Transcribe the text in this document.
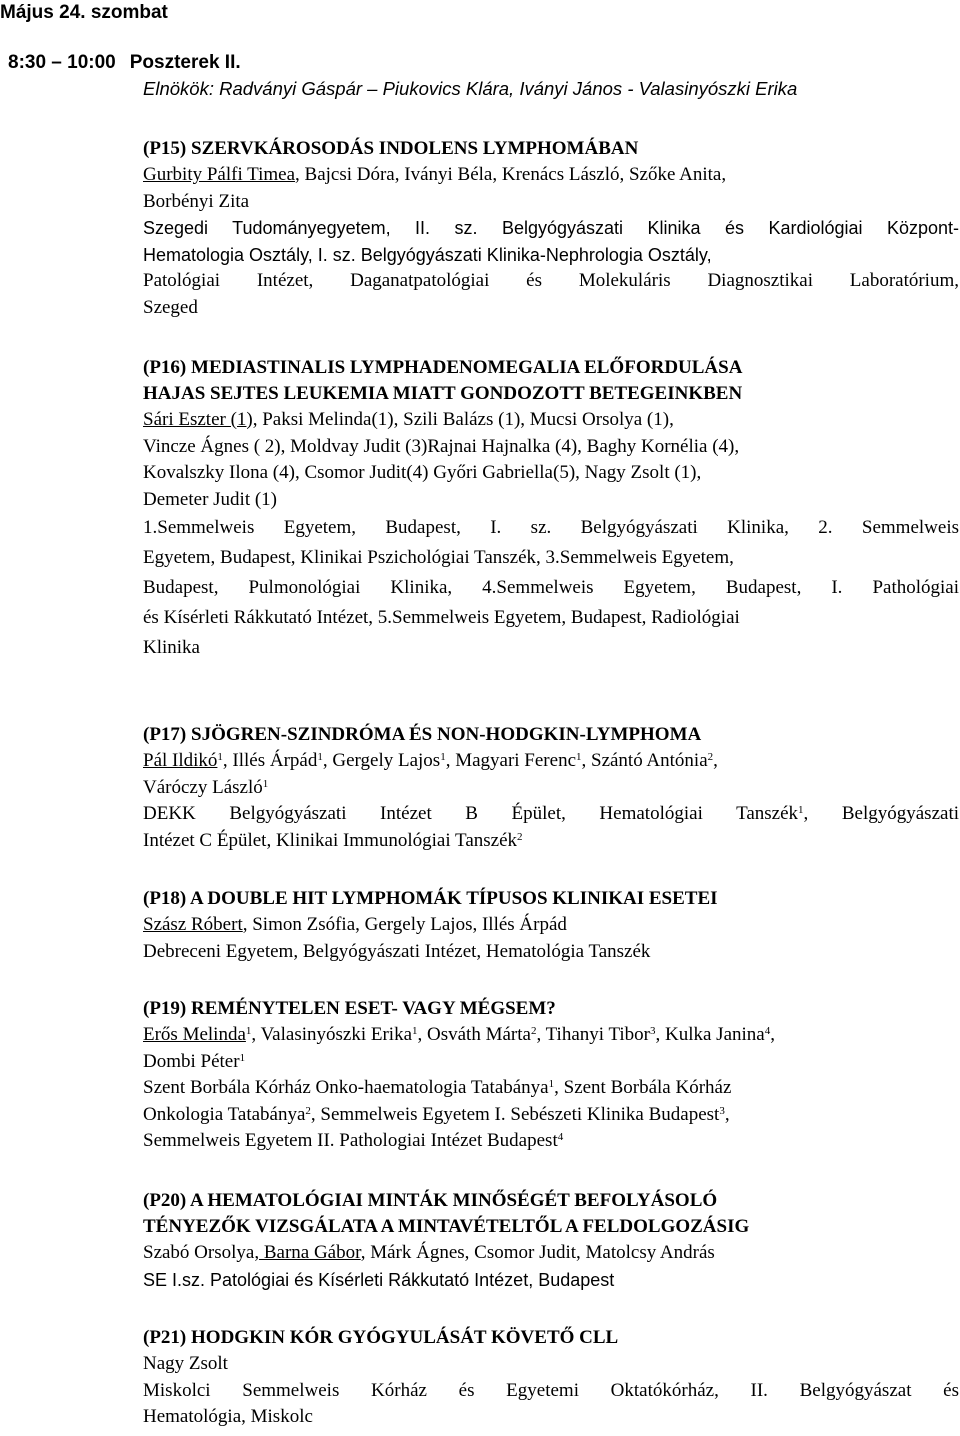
Május 24. szombat
8:30 – 10:00 Poszterek II.
Elnökök: Radványi Gáspár – Piukovics Klára, Iványi János - Valasinyószki Erika
(P15) SZERVKÁROSODÁS INDOLENS LYMPHOMÁBAN
Gurbity Pálfi Timea, Bajcsi Dóra, Iványi Béla, Krenács László, Szőke Anita,
Borbényi Zita
Szegedi Tudományegyetem, II. sz. Belgyógyászati Klinika és Kardiológiai Központ-
Hematologia Osztály, I. sz. Belgyógyászati Klinika-Nephrologia Osztály,
Patológiai Intézet, Daganatpatológiai és Molekuláris Diagnosztikai Laboratórium,
Szeged
(P16) MEDIASTINALIS LYMPHADENOMEGALIA ELŐFORDULÁSA
HAJAS SEJTES LEUKEMIA MIATT GONDOZOTT BETEGEINKBEN
Sári Eszter (1), Paksi Melinda(1), Szili Balázs (1), Mucsi Orsolya (1),
Vincze Ágnes ( 2), Moldvay Judit (3)Rajnai Hajnalka (4), Baghy Kornélia (4),
Kovalszky Ilona (4), Csomor Judit(4) Győri Gabriella(5), Nagy Zsolt (1),
Demeter Judit (1)
1.Semmelweis Egyetem, Budapest, I. sz. Belgyógyászati Klinika, 2. Semmelweis
Egyetem, Budapest, Klinikai Pszichológiai Tanszék, 3.Semmelweis Egyetem,
Budapest, Pulmonológiai Klinika, 4.Semmelweis Egyetem, Budapest, I. Pathológiai
és Kísérleti Rákkutató Intézet, 5.Semmelweis Egyetem, Budapest, Radiológiai
Klinika
(P17) SJÖGREN-SZINDRÓMA ÉS NON-HODGKIN-LYMPHOMA
Pál Ildikó$^1$, Illés Árpád$^1$, Gergely Lajos$^1$, Magyari Ferenc$^1$, Szántó Antónia$^2$,
Váróczy László$^1$
DEKK Belgyógyászati Intézet B Épület, Hematológiai Tanszék$^1$, Belgyógyászati
Intézet C Épület, Klinikai Immunológiai Tanszék$^2$
(P18) A DOUBLE HIT LYMPHOMÁK TÍPUSOS KLINIKAI ESETEI
Szász Róbert, Simon Zsófia, Gergely Lajos, Illés Árpád
Debreceni Egyetem, Belgyógyászati Intézet, Hematológia Tanszék
(P19) REMÉNYTELEN ESET- VAGY MÉGSEM?
Erős Melinda$^1$, Valasinyószki Erika$^1$, Osváth Márta$^2$, Tihanyi Tibor$^3$, Kulka Janina$^4$,
Dombi Péter$^1$
Szent Borbála Kórház Onko-haematologia Tatabánya$^1$, Szent Borbála Kórház
Onkologia Tatabánya$^2$, Semmelweis Egyetem I. Sebészeti Klinika Budapest$^3$,
Semmelweis Egyetem II. Pathologiai Intézet Budapest$^4$
(P20) A HEMATOLÓGIAI MINTÁK MINŐSÉGÉT BEFOLYÁSOLÓ
TÉNYEZŐK VIZSGÁLATA A MINTAVÉTELTŐL A FELDOLGOZÁSIG
Szabó Orsolya, Barna Gábor, Márk Ágnes, Csomor Judit, Matolcsy András
SE I.sz. Patológiai és Kísérleti Rákkutató Intézet, Budapest
(P21) HODGKIN KÓR GYÓGYULÁSÁT KÖVETŐ CLL
Nagy Zsolt
Miskolci Semmelweis Kórház és Egyetemi Oktatókórház, II. Belgyógyászat és
Hematológia, Miskolc
